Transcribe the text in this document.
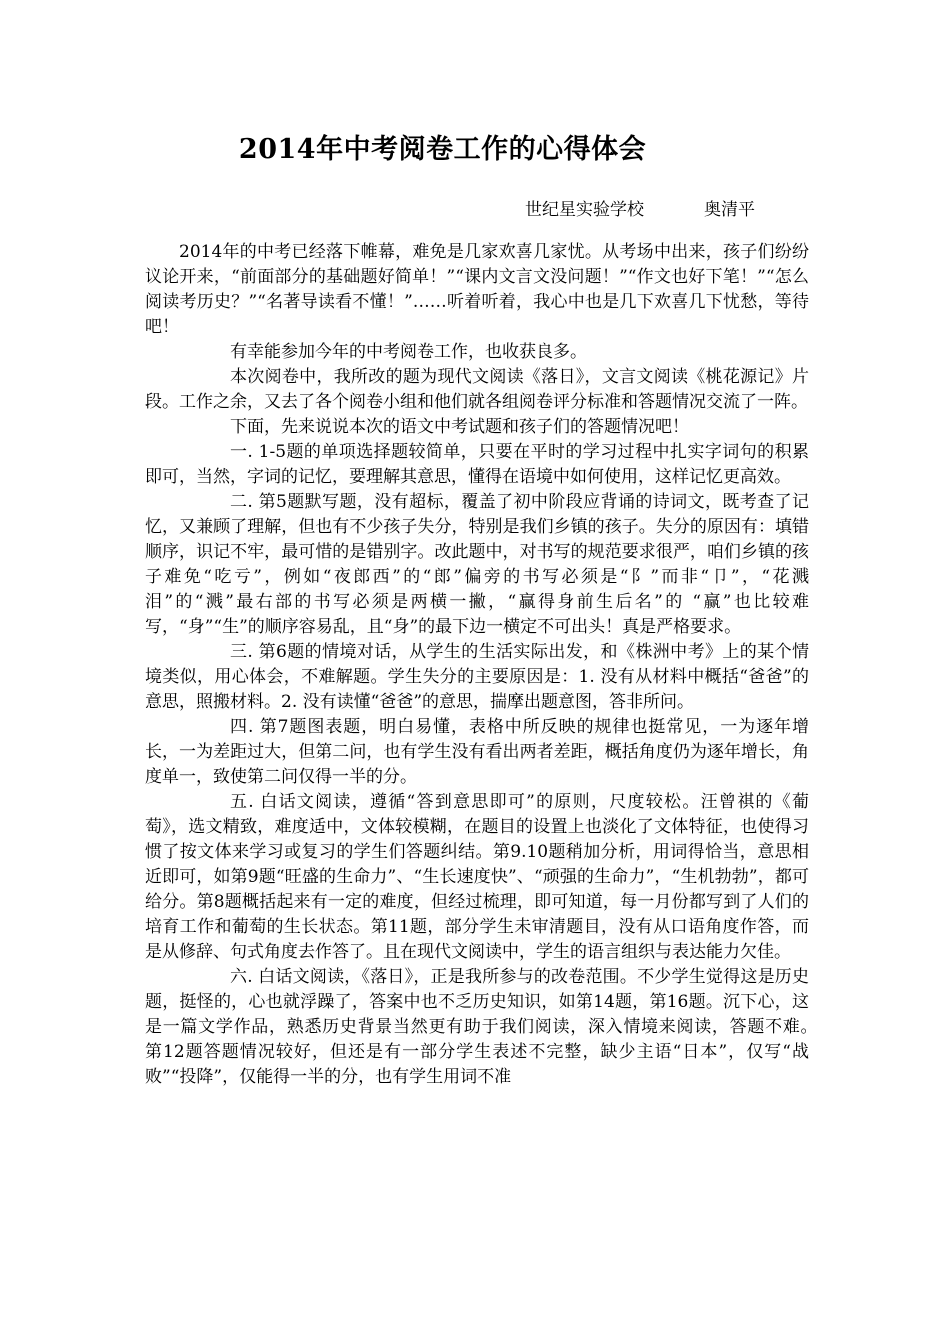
2014年中考阅卷工作的心得体会
世纪星实验学校	奥清平

2014年的中考已经落下帷幕，难免是几家欢喜几家忧。从考场中出来，孩子们纷纷议论开来，“前面部分的基础题好简单！”“课内文言文没问题！”“作文也好下笔！”“怎么阅读考历史？”“名著导读看不懂！”……听着听着，我心中也是几下欢喜几下忧愁，等待吧！

有幸能参加今年的中考阅卷工作，也收获良多。

本次阅卷中，我所改的题为现代文阅读《落日》，文言文阅读《桃花源记》片段。工作之余，又去了各个阅卷小组和他们就各组阅卷评分标准和答题情况交流了一阵。

下面，先来说说本次的语文中考试题和孩子们的答题情况吧！

一. 1-5题的单项选择题较简单，只要在平时的学习过程中扎实字词句的积累即可，当然，字词的记忆，要理解其意思，懂得在语境中如何使用，这样记忆更高效。

二. 第5题默写题，没有超标，覆盖了初中阶段应背诵的诗词文，既考查了记忆，又兼顾了理解，但也有不少孩子失分，特别是我们乡镇的孩子。失分的原因有：填错顺序，识记不牢，最可惜的是错别字。改此题中，对书写的规范要求很严，咱们乡镇的孩子难免“吃亏”，例如“夜郎西”的“郎”偏旁的书写必须是“阝”而非“卩”，“花溅泪”的“溅”最右部的书写必须是两横一撇，“赢得身前生后名”的 “赢”也比较难写，“身”“生”的顺序容易乱，且“身”的最下边一横定不可出头！真是严格要求。

三. 第6题的情境对话，从学生的生活实际出发，和《株洲中考》上的某个情境类似，用心体会，不难解题。学生失分的主要原因是：1. 没有从材料中概括“爸爸”的意思，照搬材料。2. 没有读懂“爸爸”的意思，揣摩出题意图，答非所问。

四. 第7题图表题，明白易懂，表格中所反映的规律也挺常见，一为逐年增长，一为差距过大，但第二问，也有学生没有看出两者差距，概括角度仍为逐年增长，角度单一，致使第二问仅得一半的分。

五. 白话文阅读，遵循“答到意思即可”的原则，尺度较松。汪曾祺的《葡萄》，选文精致，难度适中，文体较模糊，在题目的设置上也淡化了文体特征，也使得习惯了按文体来学习或复习的学生们答题纠结。第9.10题稍加分析，用词得恰当，意思相近即可，如第9题“旺盛的生命力”、“生长速度快”、“顽强的生命力”，“生机勃勃”，都可给分。第8题概括起来有一定的难度，但经过梳理，即可知道，每一月份都写到了人们的培育工作和葡萄的生长状态。第11题，部分学生未审清题目，没有从口语角度作答，而是从修辞、句式角度去作答了。且在现代文阅读中，学生的语言组织与表达能力欠佳。

六. 白话文阅读，《落日》，正是我所参与的改卷范围。不少学生觉得这是历史题，挺怪的，心也就浮躁了，答案中也不乏历史知识，如第14题，第16题。沉下心，这是一篇文学作品，熟悉历史背景当然更有助于我们阅读，深入情境来阅读，答题不难。　第12题答题情况较好，但还是有一部分学生表述不完整，缺少主语“日本”，仅写“战败”“投降”，仅能得一半的分，也有学生用词不准
